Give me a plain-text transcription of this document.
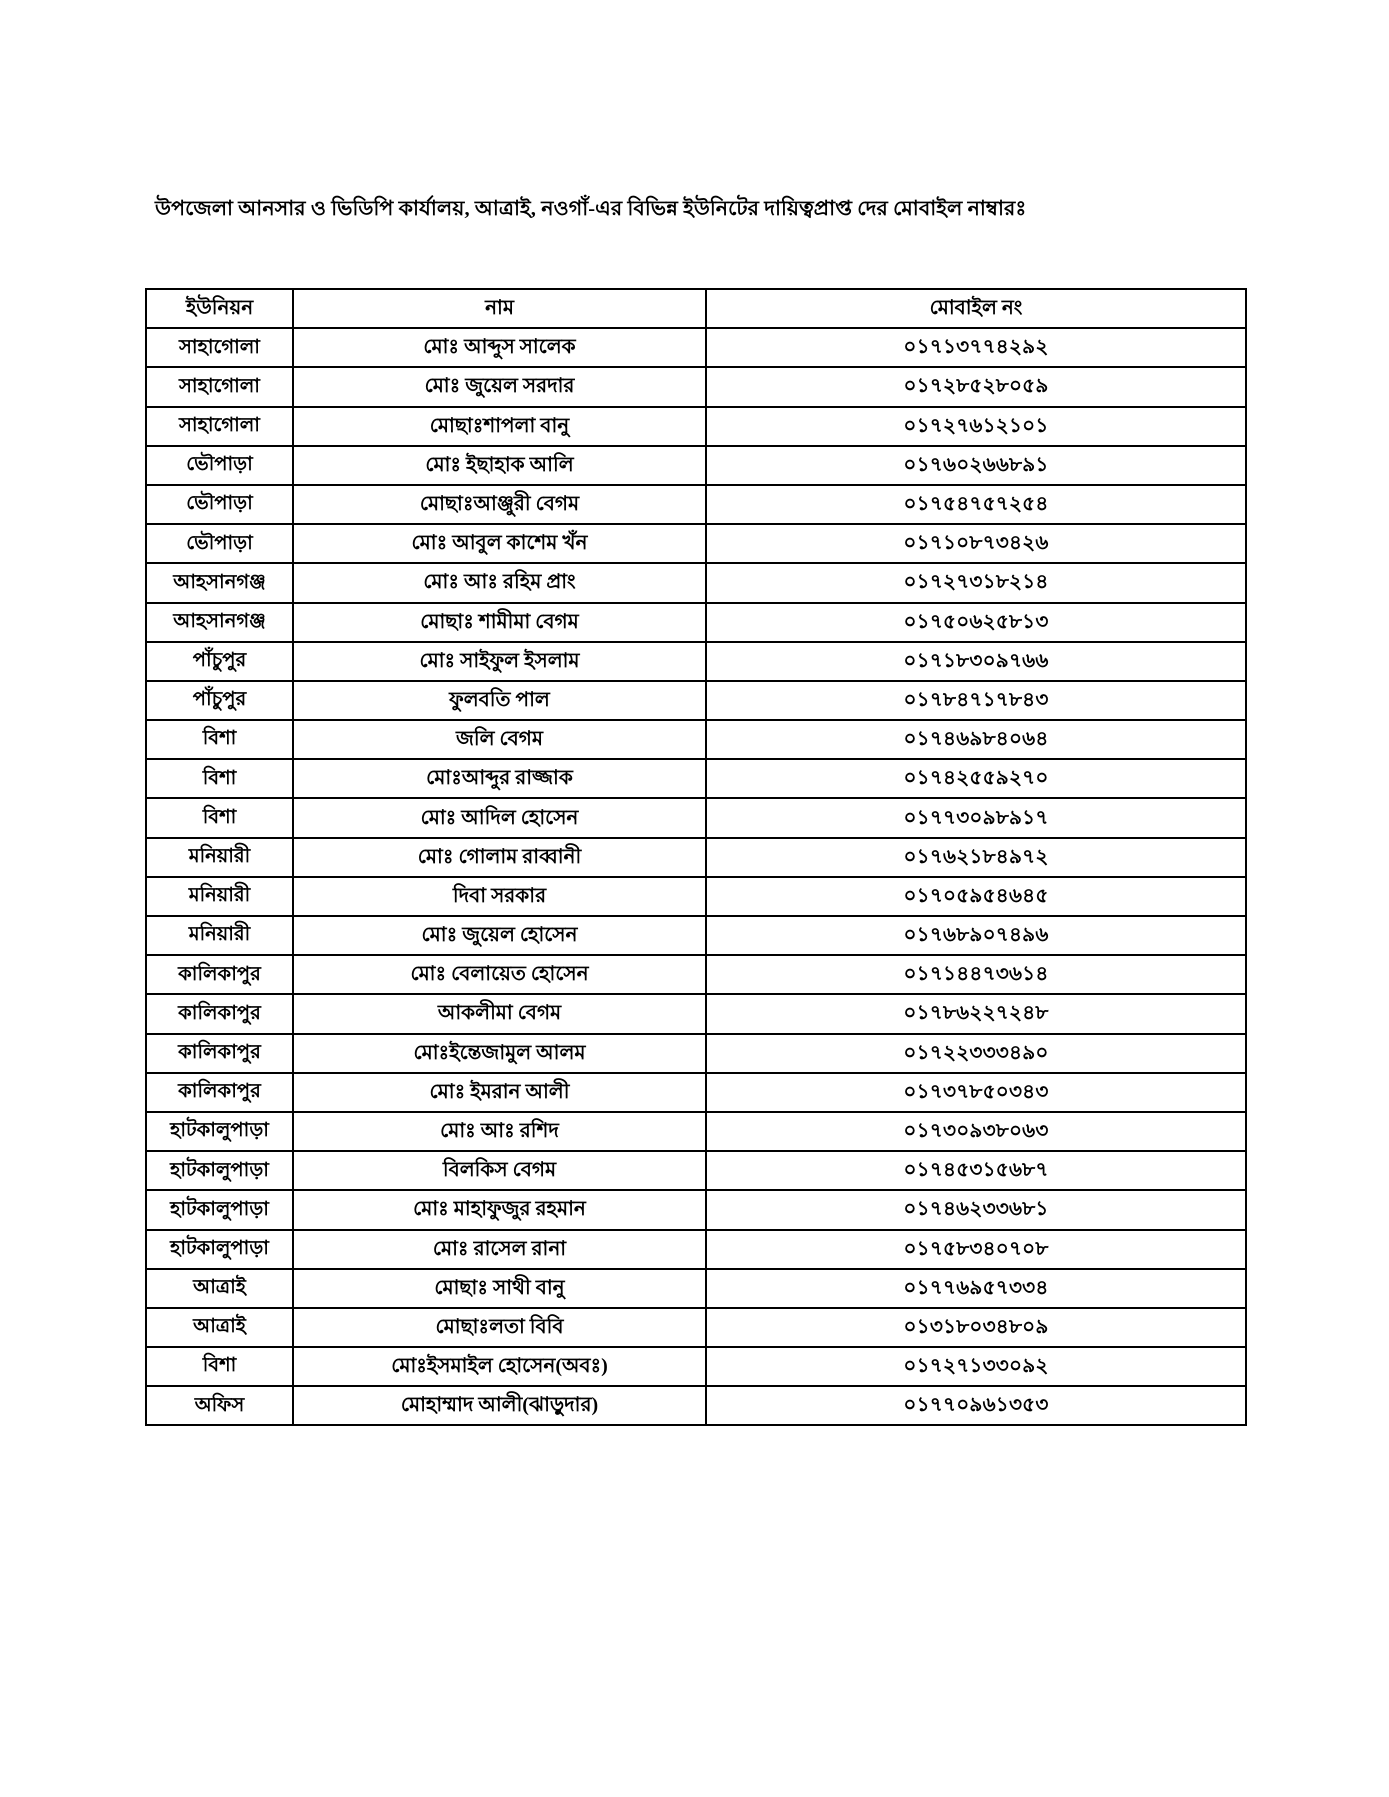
উপজেলা আনসার ও ভিডিপি কার্যালয়, আত্রাই, নওগাঁ-এর বিভিন্ন ইউনিটের দায়িত্বপ্রাপ্ত দের মোবাইল নাম্বারঃ
ইউনিয়ন	নাম	মোবাইল নং
সাহাগোলা	মোঃ আব্দুস সালেক	০১৭১৩৭৭৪২৯২
সাহাগোলা	মোঃ জুয়েল সরদার	০১৭২৮৫২৮০৫৯
সাহাগোলা	মোছাঃশাপলা বানু	০১৭২৭৬১২১০১
ভৌপাড়া	মোঃ ইছাহাক আলি	০১৭৬০২৬৬৮৯১
ভৌপাড়া	মোছাঃআঞ্জুরী বেগম	০১৭৫৪৭৫৭২৫৪
ভৌপাড়া	মোঃ আবুল কাশেম খঁন	০১৭১০৮৭৩৪২৬
আহসানগঞ্জ	মোঃ আঃ রহিম প্রাং	০১৭২৭৩১৮২১৪
আহসানগঞ্জ	মোছাঃ শামীমা বেগম	০১৭৫০৬২৫৮১৩
পাঁচুপুর	মোঃ সাইফুল ইসলাম	০১৭১৮৩০৯৭৬৬
পাঁচুপুর	ফুলবতি পাল	০১৭৮৪৭১৭৮৪৩
বিশা	জলি বেগম	০১৭৪৬৯৮৪০৬৪
বিশা	মোঃআব্দুর রাজ্জাক	০১৭৪২৫৫৯২৭০
বিশা	মোঃ আদিল হোসেন	০১৭৭৩০৯৮৯১৭
মনিয়ারী	মোঃ গোলাম রাব্বানী	০১৭৬২১৮৪৯৭২
মনিয়ারী	দিবা সরকার	০১৭০৫৯৫৪৬৪৫
মনিয়ারী	মোঃ জুয়েল হোসেন	০১৭৬৮৯০৭৪৯৬
কালিকাপুর	মোঃ বেলায়েত হোসেন	০১৭১৪৪৭৩৬১৪
কালিকাপুর	আকলীমা বেগম	০১৭৮৬২২৭২৪৮
কালিকাপুর	মোঃইন্তেজামুল আলম	০১৭২২৩৩৩৪৯০
কালিকাপুর	মোঃ ইমরান আলী	০১৭৩৭৮৫০৩৪৩
হাটকালুপাড়া	মোঃ আঃ রশিদ	০১৭৩০৯৩৮০৬৩
হাটকালুপাড়া	বিলকিস বেগম	০১৭৪৫৩১৫৬৮৭
হাটকালুপাড়া	মোঃ মাহাফুজুর রহমান	০১৭৪৬২৩৩৬৮১
হাটকালুপাড়া	মোঃ রাসেল রানা	০১৭৫৮৩৪০৭০৮
আত্রাই	মোছাঃ সাথী বানু	০১৭৭৬৯৫৭৩৩৪
আত্রাই	মোছাঃলতা বিবি	০১৩১৮০৩৪৮০৯
বিশা	মোঃইসমাইল হোসেন(অবঃ)	০১৭২৭১৩৩০৯২
অফিস	মোহাম্মাদ আলী(ঝাড়ুদার)	০১৭৭০৯৬১৩৫৩
